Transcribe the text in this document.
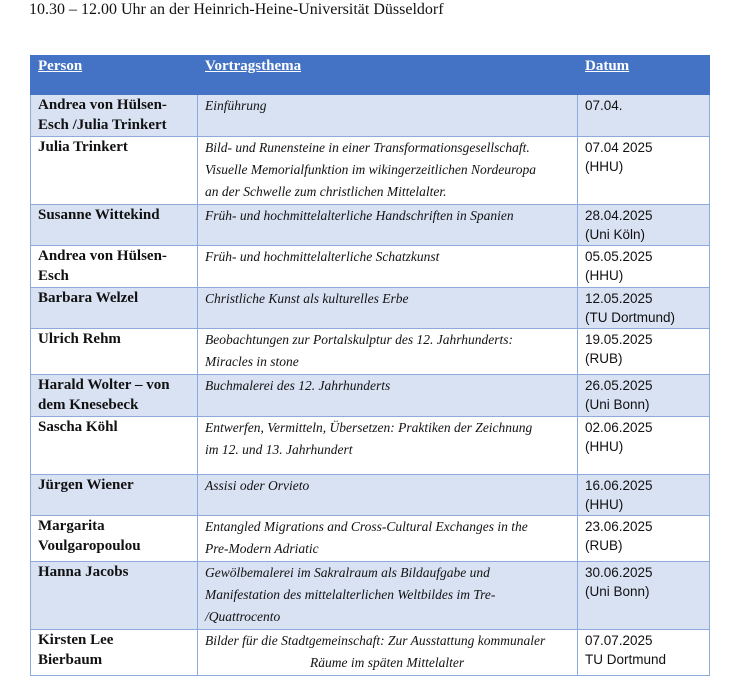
10.30 – 12.00 Uhr an der Heinrich-Heine-Universität Düsseldorf
Person	Vortragsthema	Datum

Andrea von Hülsen-
Esch /Julia Trinkert	Einführung	07.04.

Julia Trinkert	Bild- und Runensteine in einer Transformationsgesellschaft.
Visuelle Memorialfunktion im wikingerzeitlichen Nordeuropa
an der Schwelle zum christlichen Mittelalter.	07.04 2025
(HHU)

Susanne Wittekind	Früh- und hochmittelalterliche Handschriften in Spanien	28.04.2025
(Uni Köln)

Andrea von Hülsen-
Esch	Früh- und hochmittelalterliche Schatzkunst	05.05.2025
(HHU)

Barbara Welzel	Christliche Kunst als kulturelles Erbe	12.05.2025
(TU Dortmund)

Ulrich Rehm	Beobachtungen zur Portalskulptur des 12. Jahrhunderts:
Miracles in stone	19.05.2025
(RUB)

Harald Wolter – von
dem Knesebeck	Buchmalerei des 12. Jahrhunderts	26.05.2025
(Uni Bonn)

Sascha Köhl	Entwerfen, Vermitteln, Übersetzen: Praktiken der Zeichnung
im 12. und 13. Jahrhundert	02.06.2025
(HHU)

Jürgen Wiener	Assisi oder Orvieto	16.06.2025
(HHU)

Margarita
Voulgaropoulou	Entangled Migrations and Cross-Cultural Exchanges in the
Pre-Modern Adriatic	23.06.2025
(RUB)

Hanna Jacobs	Gewölbemalerei im Sakralraum als Bildaufgabe und
Manifestation des mittelalterlichen Weltbildes im Tre-
/Quattrocento	30.06.2025
(Uni Bonn)

Kirsten Lee
Bierbaum	Bilder für die Stadtgemeinschaft: Zur Ausstattung kommunaler
Räume im späten Mittelalter	07.07.2025
TU Dortmund
